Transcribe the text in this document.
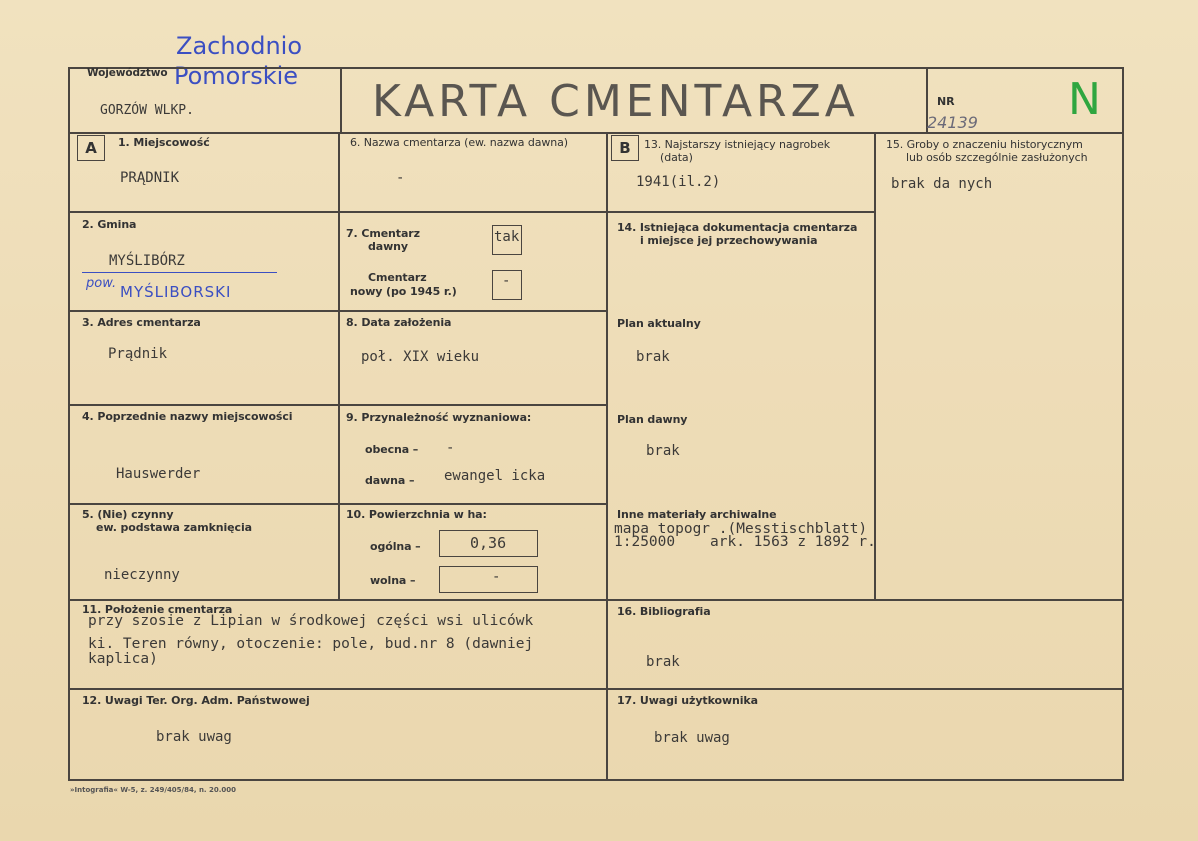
Zachodnio
Pomorskie
Województwo
GORZÓW WLKP.	KARTA CMENTARZA	NR
24139 N
A	B
1. Miejscowość
PRĄDNIK
2. Gmina
MYŚLIBÓRZ
pow. MYŚLIBORSKI
3. Adres cmentarza
Prądnik
4. Poprzednie nazwy miejscowości
Hauswerder
5. (Nie) czynny
ew. podstawa zamknięcia
nieczynny
6. Nazwa cmentarza (ew. nazwa dawna)
-
7. Cmentarz
dawny
tak
Cmentarz
nowy (po 1945 r.)
-
8. Data założenia
poł. XIX wieku
9. Przynależność wyznaniowa:
obecna – -
dawna – ewangel icka
10. Powierzchnia w ha:
ogólna –	0,36
wolna –	-
11. Położenie cmentarza
przy szosie z Lipian w środkowej części wsi ulicówk
ki. Teren równy, otoczenie: pole, bud.nr 8 (dawniej
kaplica)
12. Uwagi Ter. Org. Adm. Państwowej
brak uwag
13. Najstarszy istniejący nagrobek
(data)
1941(il.2)
14. Istniejąca dokumentacja cmentarza
i miejsce jej przechowywania
Plan aktualny
brak
Plan dawny
brak
Inne materiały archiwalne
mapa topogr .(Messtischblatt)
1:25000    ark. 1563 z 1892 r.
15. Groby o znaczeniu historycznym
lub osób szczególnie zasłużonych
brak da nych
16. Bibliografia
brak
17. Uwagi użytkownika
brak uwag
»Intografia« W-5, z. 249/405/84, n. 20.000
